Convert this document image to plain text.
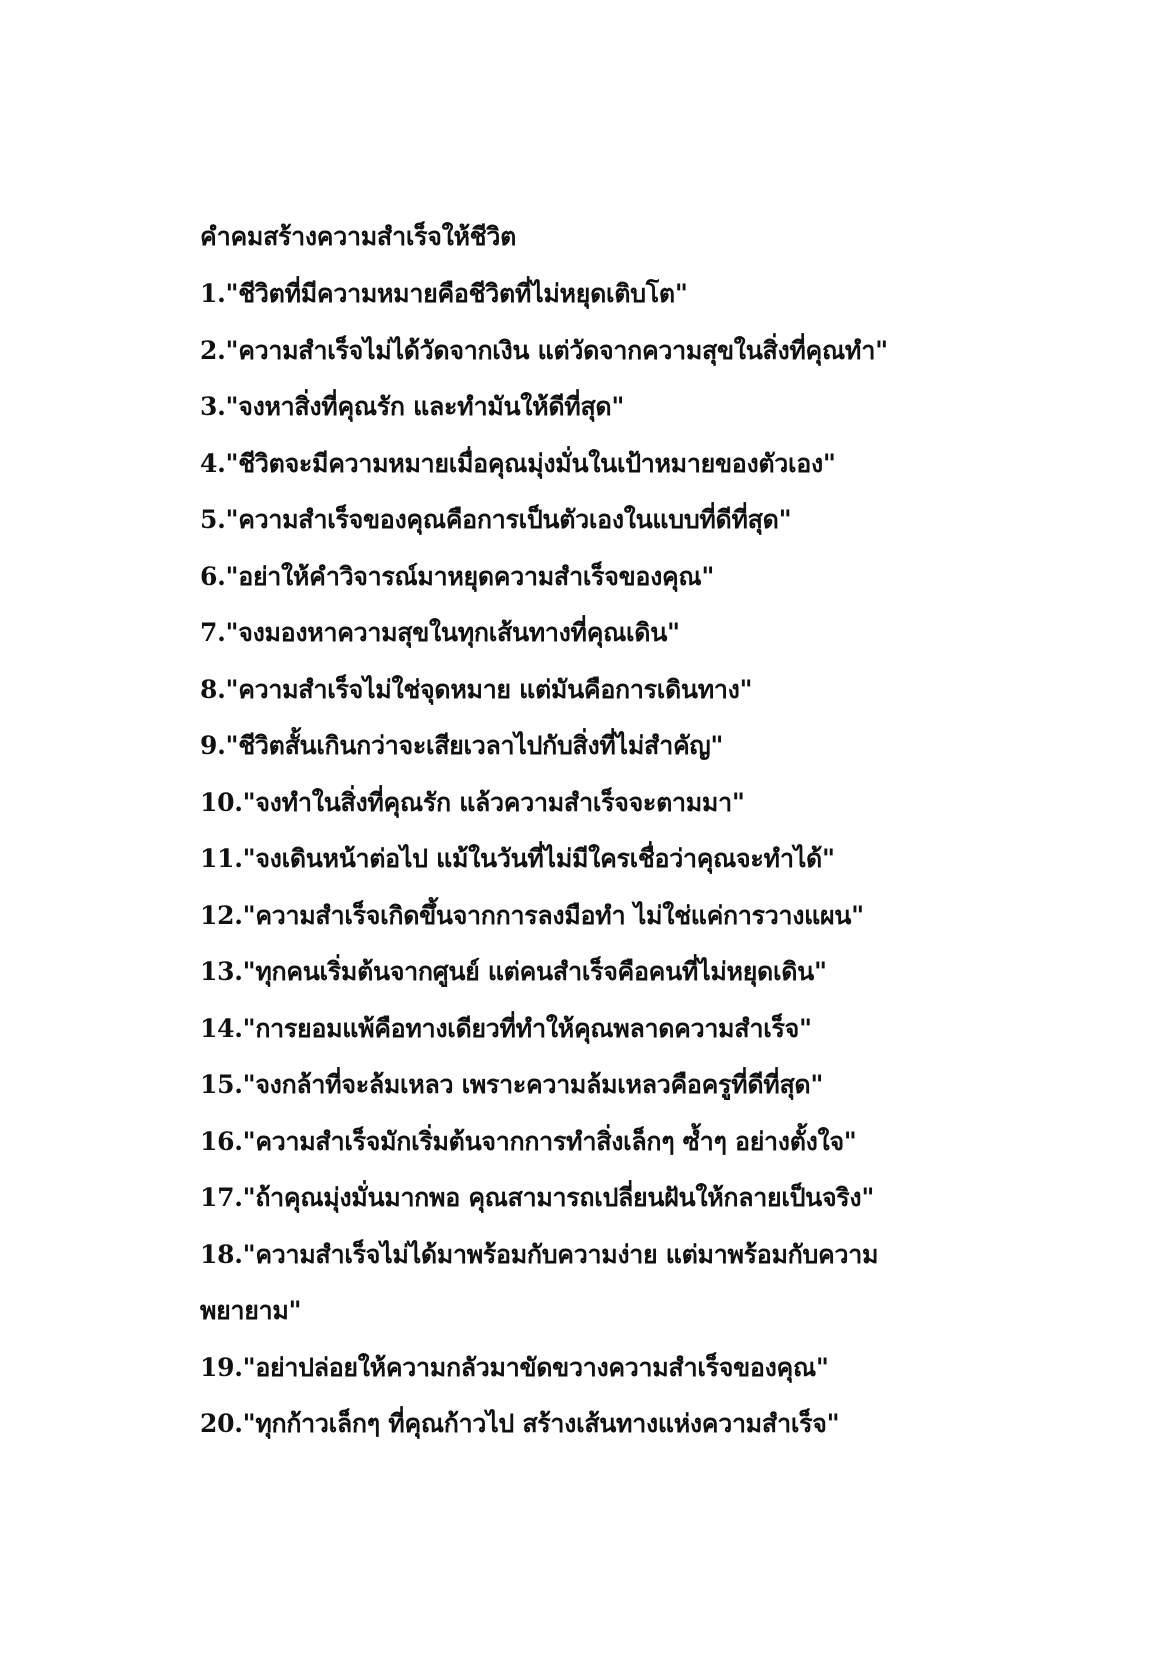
คำคมสร้างความสำเร็จให้ชีวิต
1."ชีวิตที่มีความหมายคือชีวิตที่ไม่หยุดเติบโต"
2."ความสำเร็จไม่ได้วัดจากเงิน แต่วัดจากความสุขในสิ่งที่คุณทำ"
3."จงหาสิ่งที่คุณรัก และทำมันให้ดีที่สุด"
4."ชีวิตจะมีความหมายเมื่อคุณมุ่งมั่นในเป้าหมายของตัวเอง"
5."ความสำเร็จของคุณคือการเป็นตัวเองในแบบที่ดีที่สุด"
6."อย่าให้คำวิจารณ์มาหยุดความสำเร็จของคุณ"
7."จงมองหาความสุขในทุกเส้นทางที่คุณเดิน"
8."ความสำเร็จไม่ใช่จุดหมาย แต่มันคือการเดินทาง"
9."ชีวิตสั้นเกินกว่าจะเสียเวลาไปกับสิ่งที่ไม่สำคัญ"
10."จงทำในสิ่งที่คุณรัก แล้วความสำเร็จจะตามมา"
11."จงเดินหน้าต่อไป แม้ในวันที่ไม่มีใครเชื่อว่าคุณจะทำได้"
12."ความสำเร็จเกิดขึ้นจากการลงมือทำ ไม่ใช่แค่การวางแผน"
13."ทุกคนเริ่มต้นจากศูนย์ แต่คนสำเร็จคือคนที่ไม่หยุดเดิน"
14."การยอมแพ้คือทางเดียวที่ทำให้คุณพลาดความสำเร็จ"
15."จงกล้าที่จะล้มเหลว เพราะความล้มเหลวคือครูที่ดีที่สุด"
16."ความสำเร็จมักเริ่มต้นจากการทำสิ่งเล็กๆ ซ้ำๆ อย่างตั้งใจ"
17."ถ้าคุณมุ่งมั่นมากพอ คุณสามารถเปลี่ยนฝันให้กลายเป็นจริง"
18."ความสำเร็จไม่ได้มาพร้อมกับความง่าย แต่มาพร้อมกับความ
พยายาม"
19."อย่าปล่อยให้ความกลัวมาขัดขวางความสำเร็จของคุณ"
20."ทุกก้าวเล็กๆ ที่คุณก้าวไป สร้างเส้นทางแห่งความสำเร็จ"
